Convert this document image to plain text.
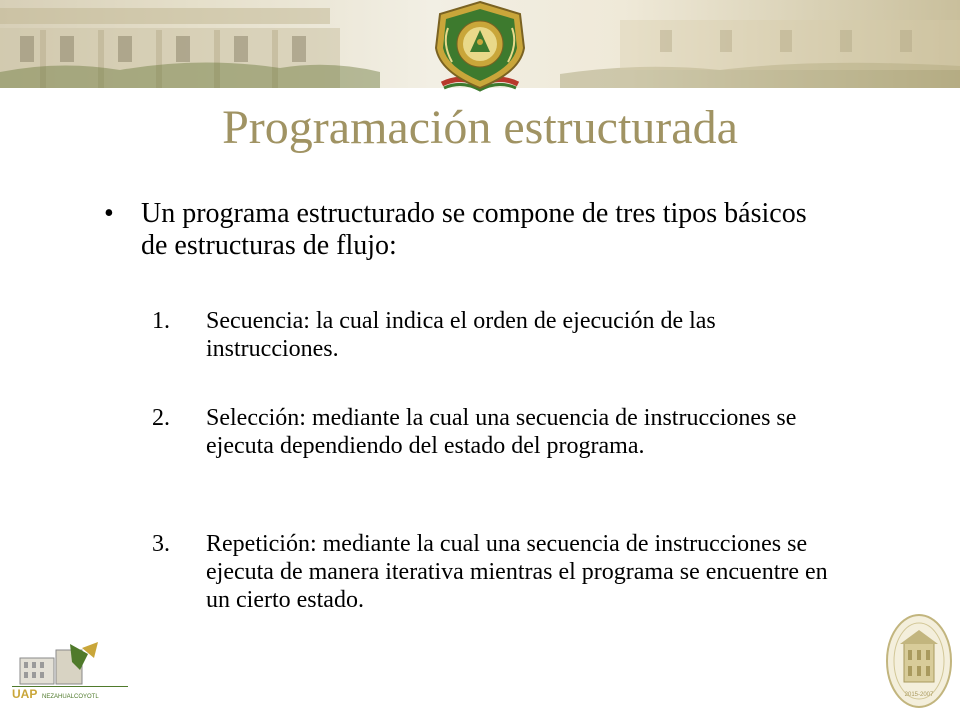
Programación estructurada
• Un programa estructurado se compone de tres tipos básicos de estructuras de flujo:
1. Secuencia: la cual indica el orden de ejecución de las instrucciones.
2. Selección: mediante la cual una secuencia de instrucciones se ejecuta dependiendo del estado del programa.
3. Repetición: mediante la cual una secuencia de instrucciones se ejecuta de manera iterativa mientras el programa se encuentre en un cierto estado.
UAP NEZAHUALCOYOTL	2015-2007
